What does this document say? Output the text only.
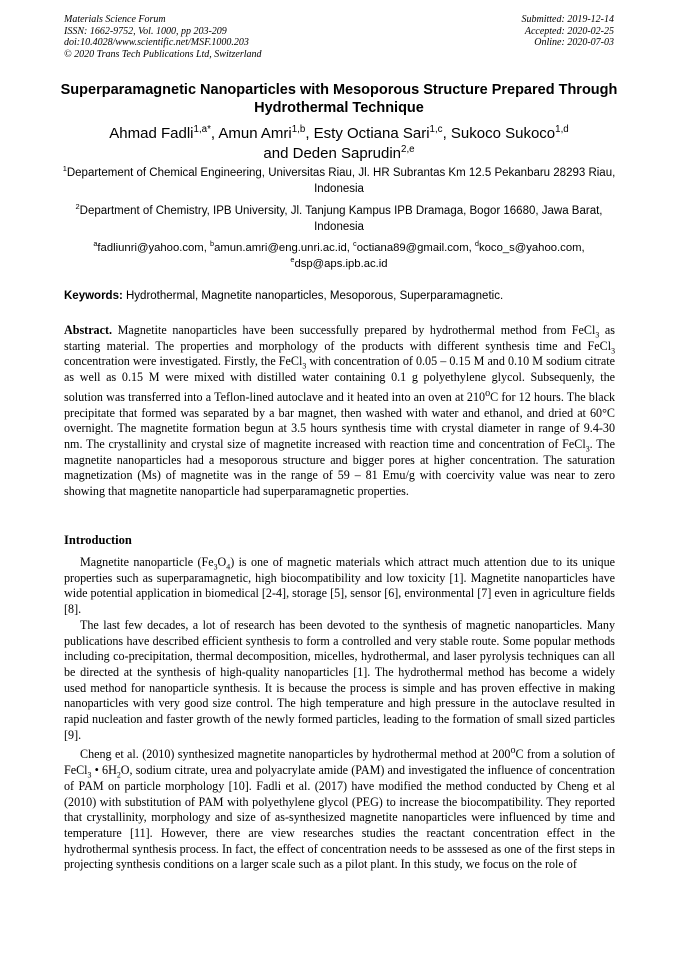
Materials Science Forum
ISSN: 1662-9752, Vol. 1000, pp 203-209
doi:10.4028/www.scientific.net/MSF.1000.203
© 2020 Trans Tech Publications Ltd, Switzerland
Submitted: 2019-12-14
Accepted: 2020-02-25
Online: 2020-07-03
Superparamagnetic Nanoparticles with Mesoporous Structure Prepared Through Hydrothermal Technique
Ahmad Fadli$^{1,a*}$, Amun Amri$^{1,b}$, Esty Octiana Sari$^{1,c}$, Sukoco Sukoco$^{1,d}$
and Deden Saprudin$^{2,e}$
$^1$Departement of Chemical Engineering, Universitas Riau, Jl. HR Subrantas Km 12.5 Pekanbaru 28293 Riau, Indonesia
$^2$Department of Chemistry, IPB University, Jl. Tanjung Kampus IPB Dramaga, Bogor 16680, Jawa Barat, Indonesia
$^a$fadliunri@yahoo.com, $^b$amun.amri@eng.unri.ac.id, $^c$octiana89@gmail.com, $^d$koco_s@yahoo.com,
$^e$dsp@aps.ipb.ac.id
Keywords: Hydrothermal, Magnetite nanoparticles, Mesoporous, Superparamagnetic.
Abstract. Magnetite nanoparticles have been successfully prepared by hydrothermal method from FeCl$_3$ as starting material. The properties and morphology of the products with different synthesis time and FeCl$_3$ concentration were investigated. Firstly, the FeCl$_3$ with concentration of 0.05 – 0.15 M and 0.10 M sodium citrate as well as 0.15 M were mixed with distilled water containing 0.1 g polyethylene glycol. Subsequenly, the solution was transferred into a Teflon-lined autoclave and it heated into an oven at 210$^o$C for 12 hours. The black precipitate that formed was separated by a bar magnet, then washed with water and ethanol, and dried at 60°C overnight. The magnetite formation begun at 3.5 hours synthesis time with crystal diameter in range of 9.4-30 nm. The crystallinity and crystal size of magnetite increased with reaction time and concentration of FeCl$_3$. The magnetite nanoparticles had a mesoporous structure and bigger pores at higher concentration. The saturation magnetization (Ms) of magnetite was in the range of 59 – 81 Emu/g with coercivity value was near to zero showing that magnetite nanoparticle had superparamagnetic properties.
Introduction

Magnetite nanoparticle $(Fe_3O_4)$ is one of magnetic materials which attract much attention due to its unique properties such as superparamagnetic, high biocompatibility and low toxicity [1]. Magnetite nanoparticles have wide potential application in biomedical [2-4], storage [5], sensor [6], environmental [7] even in agriculture fields [8].

The last few decades, a lot of research has been devoted to the synthesis of magnetic nanoparticles. Many publications have described efficient synthesis to form a controlled and very stable route. Some popular methods including co-precipitation, thermal decomposition, micelles, hydrothermal, and laser pyrolysis techniques can all be directed at the synthesis of high-quality nanoparticles [1]. The hydrothermal method has become a widely used method for nanoparticle synthesis. It is because the process is simple and has proven effective in making nanoparticles with very good size control. The high temperature and high pressure in the autoclave resulted in rapid nucleation and faster growth of the newly formed particles, leading to the formation of small sized particles [9].

Cheng et al. (2010) synthesized magnetite nanoparticles by hydrothermal method at 200$^o$C from a solution of FeCl$_3$ • $6H_2O$, sodium citrate, urea and polyacrylate amide (PAM) and investigated the influence of concentration of PAM on particle morphology [10]. Fadli et al. (2017) have modified the method conducted by Cheng et al (2010) with substitution of PAM with polyethylene glycol (PEG) to increase the biocompatibility. They reported that crystallinity, morphology and size of as-synthesized magnetite nanoparticles were influenced by time and temperature [11]. However, there are view researches studies the reactant concentration effect in the hydrothermal synthesis process. In fact, the effect of concentration needs to be asssesed as one of the first steps in projecting synthesis conditions on a larger scale such as a pilot plant. In this study, we focus on the role of
